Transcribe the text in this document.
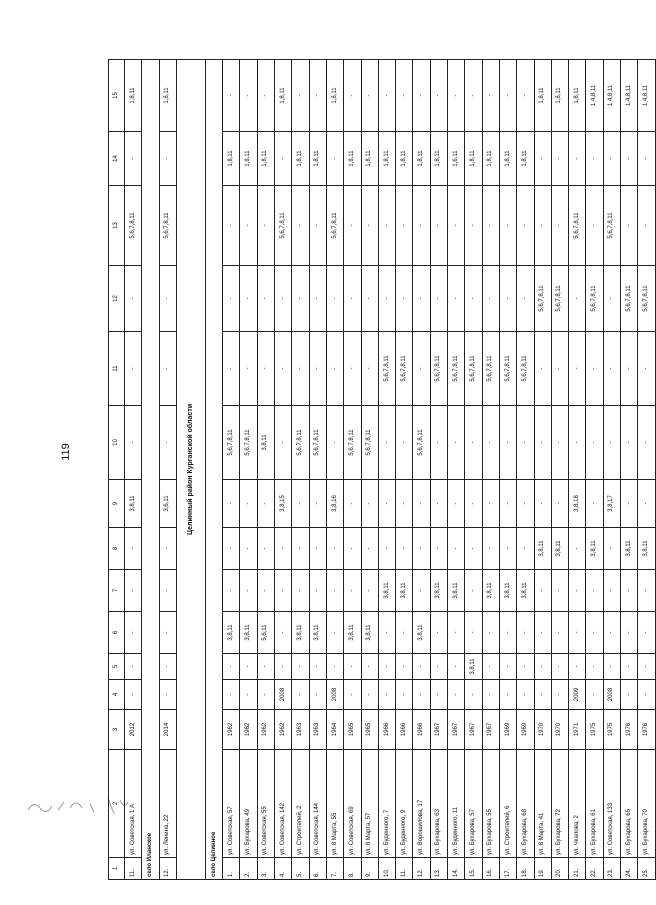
119
1	2	3	4	5	6	7	8	9	10	11	12	13	14	15
11.	ул. Советская, 1 А	2012	-	-	-	-	-	3,8,11	-	-	-	5,6,7,8,11	-	1,8,11
село Иланское														
12.	ул. Ленина, 22	2014	-	-	-	-	-	3,6,11	-	-	-	5,6,7,8,11	-	1,8,11
Целинный район Курганской области														
село Целинное														
1.	ул. Советская, 57	1962	-	-	3,8,11	-	-	-	5,6,7,8,11	-	-	-	1,8,11	-
2.	ул. Бухарова, 49	1962	-	-	3,8,11	-	-	-	5,6,7,8,11	-	-	-	1,8,11	-
3.	ул. Советская, 55	1962	-	-	5,6,11	-	-	-	3,8,11	-	-	-	1,8,11	-
4.	ул. Советская, 142	1962	2008	-	-	-	-	3,8,15	-	-	-	5,6,7,8,11	-	1,8,11
5.	ул. Строителей, 2	1963	-	-	3,8,11	-	-	-	5,6,7,8,11	-	-	-	1,8,11	-
6.	ул. Советская, 144	1963	-	-	3,8,11	-	-	-	5,6,7,8,11	-	-	-	1,8,11	-
7.	ул. 8 Марта, 55	1964	2008	-	-	-	-	3,8,16	-	-	-	5,6,7,8,11	-	1,8,11
8.	ул. Советская, 69	1965	-	-	3,8,11	-	-	-	5,6,7,8,11	-	-	-	1,8,11	-
9.	ул. 8 Марта, 57	1965	-	-	3,8,11	-	-	-	5,6,7,8,11	-	-	-	1,8,11	-
10.	ул. Буденного, 7	1966	-	-	-	3,8,11	-	-	-	5,6,7,8,11	-	-	1,8,11	-
11.	ул. Буденного, 9	1966	-	-	-	3,8,11	-	-	-	5,6,7,8,11	-	-	1,8,11	-
12.	ул. Ворошилова, 17	1966	-	-	3,8,11	-	-	-	5,6,7,8,11	-	-	-	1,8,11	-
13.	ул. Бухарова, 63	1967	-	-	-	3,8,11	-	-	-	5,6,7,8,11	-	-	1,8,11	-
14.	ул. Буденного, 11	1967	-	-	-	3,8,11	-	-	-	5,6,7,8,11	-	-	1,6,11	-
15.	ул. Бухарова, 57	1967	-	3,8,11	-	-	-	-	-	5,6,7,8,11	-	-	1,8,11	-
16.	ул. Бухарова, 55	1967	-	-	-	3,8,11	-	-	-	5,6,7,8,11	-	-	1,8,11	-
17.	ул. Строителей, 6	1969	-	-	-	3,8,11	-	-	-	5,6,7,8,11	-	-	1,8,11	-
18.	ул. Бухарова, 68	1969	-	-	-	3,8,11	-	-	-	5,6,7,8,11	-	-	1,8,11	-
19.	ул. 8 Марта, 41	1970	-	-	-	-	3,8,11	-	-	-	5,6,7,8,11	-	-	1,8,11
20.	ул. Бухарова, 72	1970	-	-	-	-	3,8,11	-	-	-	5,6,7,8,11	-	-	1,8,11
21.	ул. Чкалова, 2	1971	2009	-	-	-	-	3,8,18	-	-	-	5,6,7,8,11	-	1,8,11
22.	ул. Бухарова, 61	1975	-	-	-	-	3,8,11	-	-	-	5,6,7,8,11	-	-	1,4,8,11
23.	ул. Советская, 133	1975	2008	-	-	-	-	3,8,17	-	-	-	5,6,7,8,11	-	1,4,8,11
24.	ул. Бухарова, 65	1976	-	-	-	-	3,8,11	-	-	-	5,6,7,8,11	-	-	1,4,8,11
25.	ул. Бухарова, 70	1976	-	-	-	-	3,8,11	-	-	-	5,6,7,8,11	-	-	1,4,8,11
